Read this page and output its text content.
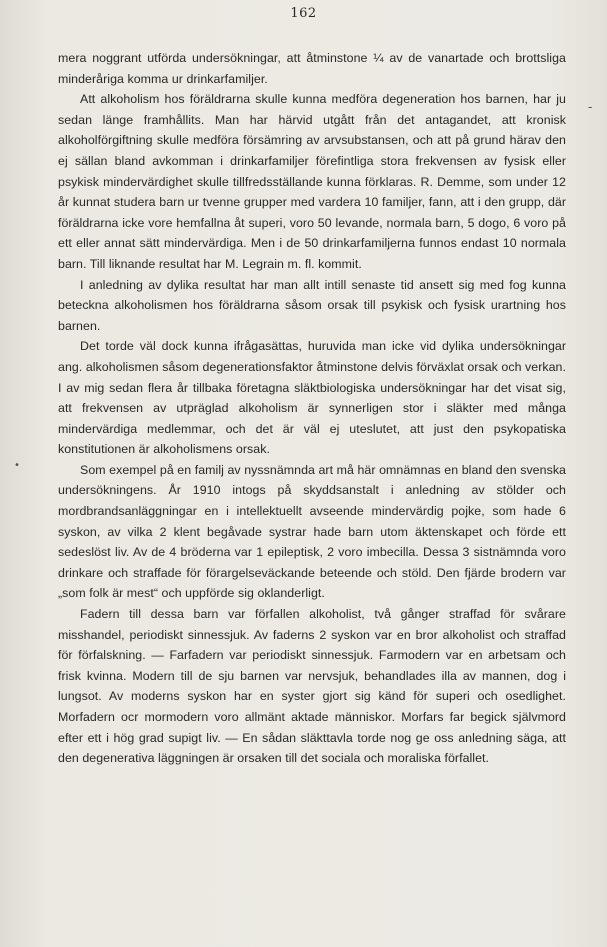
162

mera noggrant utförda undersökningar, att åtminstone ¼ av de vanartade och brottsliga minderåriga komma ur drinkarfamiljer.

Att alkoholism hos föräldrarna skulle kunna medföra degeneration hos barnen, har ju sedan länge framhållits. Man har härvid utgått från det antagandet, att kronisk alkoholförgiftning skulle medföra försämring av arvsubstansen, och att på grund härav den ej sällan bland avkomman i drinkarfamiljer förefintliga stora frekvensen av fysisk eller psykisk mindervärdighet skulle tillfredsställande kunna förklaras. R. Demme, som under 12 år kunnat studera barn ur tvenne grupper med vardera 10 familjer, fann, att i den grupp, där föräldrarna icke vore hemfallna åt superi, voro 50 levande, normala barn, 5 dogo, 6 voro på ett eller annat sätt mindervärdiga. Men i de 50 drinkarfamiljerna funnos endast 10 normala barn. Till liknande resultat har M. Legrain m. fl. kommit.

I anledning av dylika resultat har man allt intill senaste tid ansett sig med fog kunna beteckna alkoholismen hos föräldrarna såsom orsak till psykisk och fysisk urartning hos barnen.

Det torde väl dock kunna ifrågasättas, huruvida man icke vid dylika undersökningar ang. alkoholismen såsom degenerationsfaktor åtminstone delvis förväxlat orsak och verkan. I av mig sedan flera år tillbaka företagna släktbiologiska undersökningar har det visat sig, att frekvensen av utpräglad alkoholism är synnerligen stor i släkter med många mindervärdiga medlemmar, och det är väl ej uteslutet, att just den psykopatiska konstitutionen är alkoholismens orsak.

Som exempel på en familj av nyssnämnda art må här omnämnas en bland den svenska undersökningens. År 1910 intogs på skyddsanstalt i anledning av stölder och mordbrandsanläggningar en i intellektuellt avseende mindervärdig pojke, som hade 6 syskon, av vilka 2 klent begåvade systrar hade barn utom äktenskapet och förde ett sedeslöst liv. Av de 4 bröderna var 1 epileptisk, 2 voro imbecilla. Dessa 3 sistnämnda voro drinkare och straffade för förargelseväckande beteende och stöld. Den fjärde brodern var „som folk är mest“ och uppförde sig oklanderligt.

Fadern till dessa barn var förfallen alkoholist, två gånger straffad för svårare misshandel, periodiskt sinnessjuk. Av faderns 2 syskon var en bror alkoholist och straffad för förfalskning. — Farfadern var periodiskt sinnessjuk. Farmodern var en arbetsam och frisk kvinna. Modern till de sju barnen var nervsjuk, behandlades illa av mannen, dog i lungsot. Av moderns syskon har en syster gjort sig känd för superi och osedlighet. Morfadern ocr mormodern voro allmänt aktade människor. Morfars far begick självmord efter ett i hög grad supigt liv. — En sådan släkttavla torde nog ge oss anledning säga, att den degenerativa läggningen är orsaken till det sociala och moraliska förfallet.

-
•
